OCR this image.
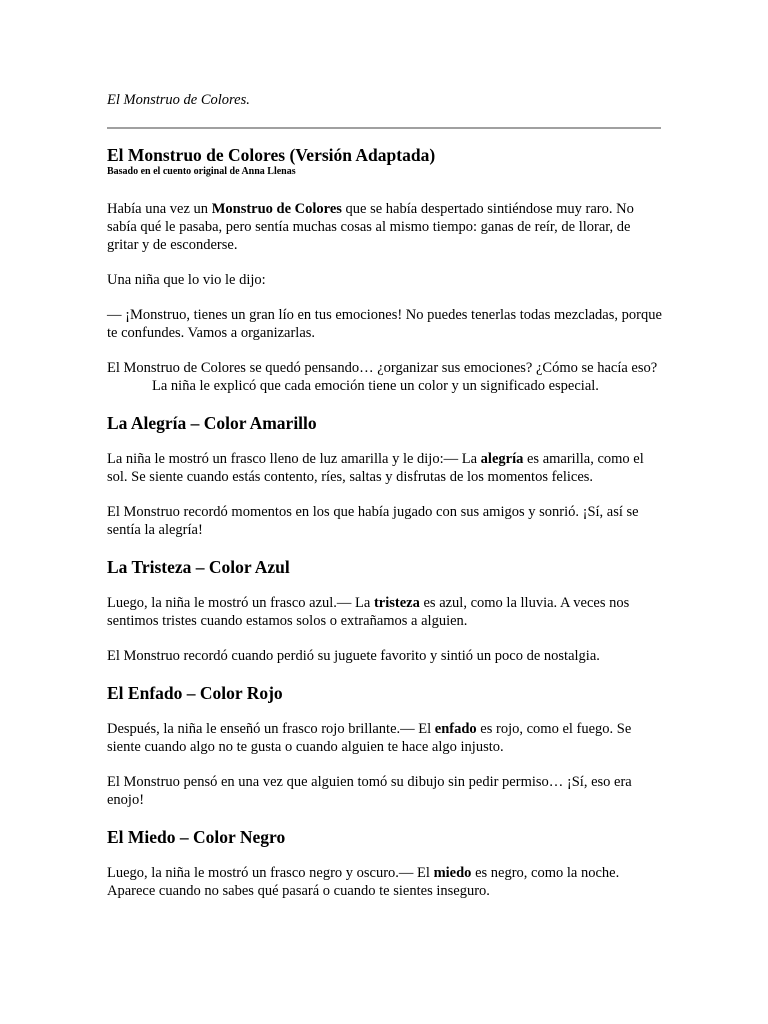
El Monstruo de Colores.
El Monstruo de Colores (Versión Adaptada)
Basado en el cuento original de Anna Llenas

Había una vez un Monstruo de Colores que se había despertado sintiéndose muy raro. No sabía qué le pasaba, pero sentía muchas cosas al mismo tiempo: ganas de reír, de llorar, de gritar y de esconderse.

Una niña que lo vio le dijo:

— ¡Monstruo, tienes un gran lío en tus emociones! No puedes tenerlas todas mezcladas, porque te confundes. Vamos a organizarlas.

El Monstruo de Colores se quedó pensando… ¿organizar sus emociones? ¿Cómo se hacía eso?La niña le explicó que cada emoción tiene un color y un significado especial.

La Alegría – Color Amarillo

La niña le mostró un frasco lleno de luz amarilla y le dijo:— La alegría es amarilla, como el sol. Se siente cuando estás contento, ríes, saltas y disfrutas de los momentos felices.

El Monstruo recordó momentos en los que había jugado con sus amigos y sonrió. ¡Sí, así se sentía la alegría!

La Tristeza – Color Azul

Luego, la niña le mostró un frasco azul.— La tristeza es azul, como la lluvia. A veces nos sentimos tristes cuando estamos solos o extrañamos a alguien.

El Monstruo recordó cuando perdió su juguete favorito y sintió un poco de nostalgia.

El Enfado – Color Rojo

Después, la niña le enseñó un frasco rojo brillante.— El enfado es rojo, como el fuego. Se siente cuando algo no te gusta o cuando alguien te hace algo injusto.

El Monstruo pensó en una vez que alguien tomó su dibujo sin pedir permiso… ¡Sí, eso era enojo!

El Miedo – Color Negro

Luego, la niña le mostró un frasco negro y oscuro.— El miedo es negro, como la noche. Aparece cuando no sabes qué pasará o cuando te sientes inseguro.
